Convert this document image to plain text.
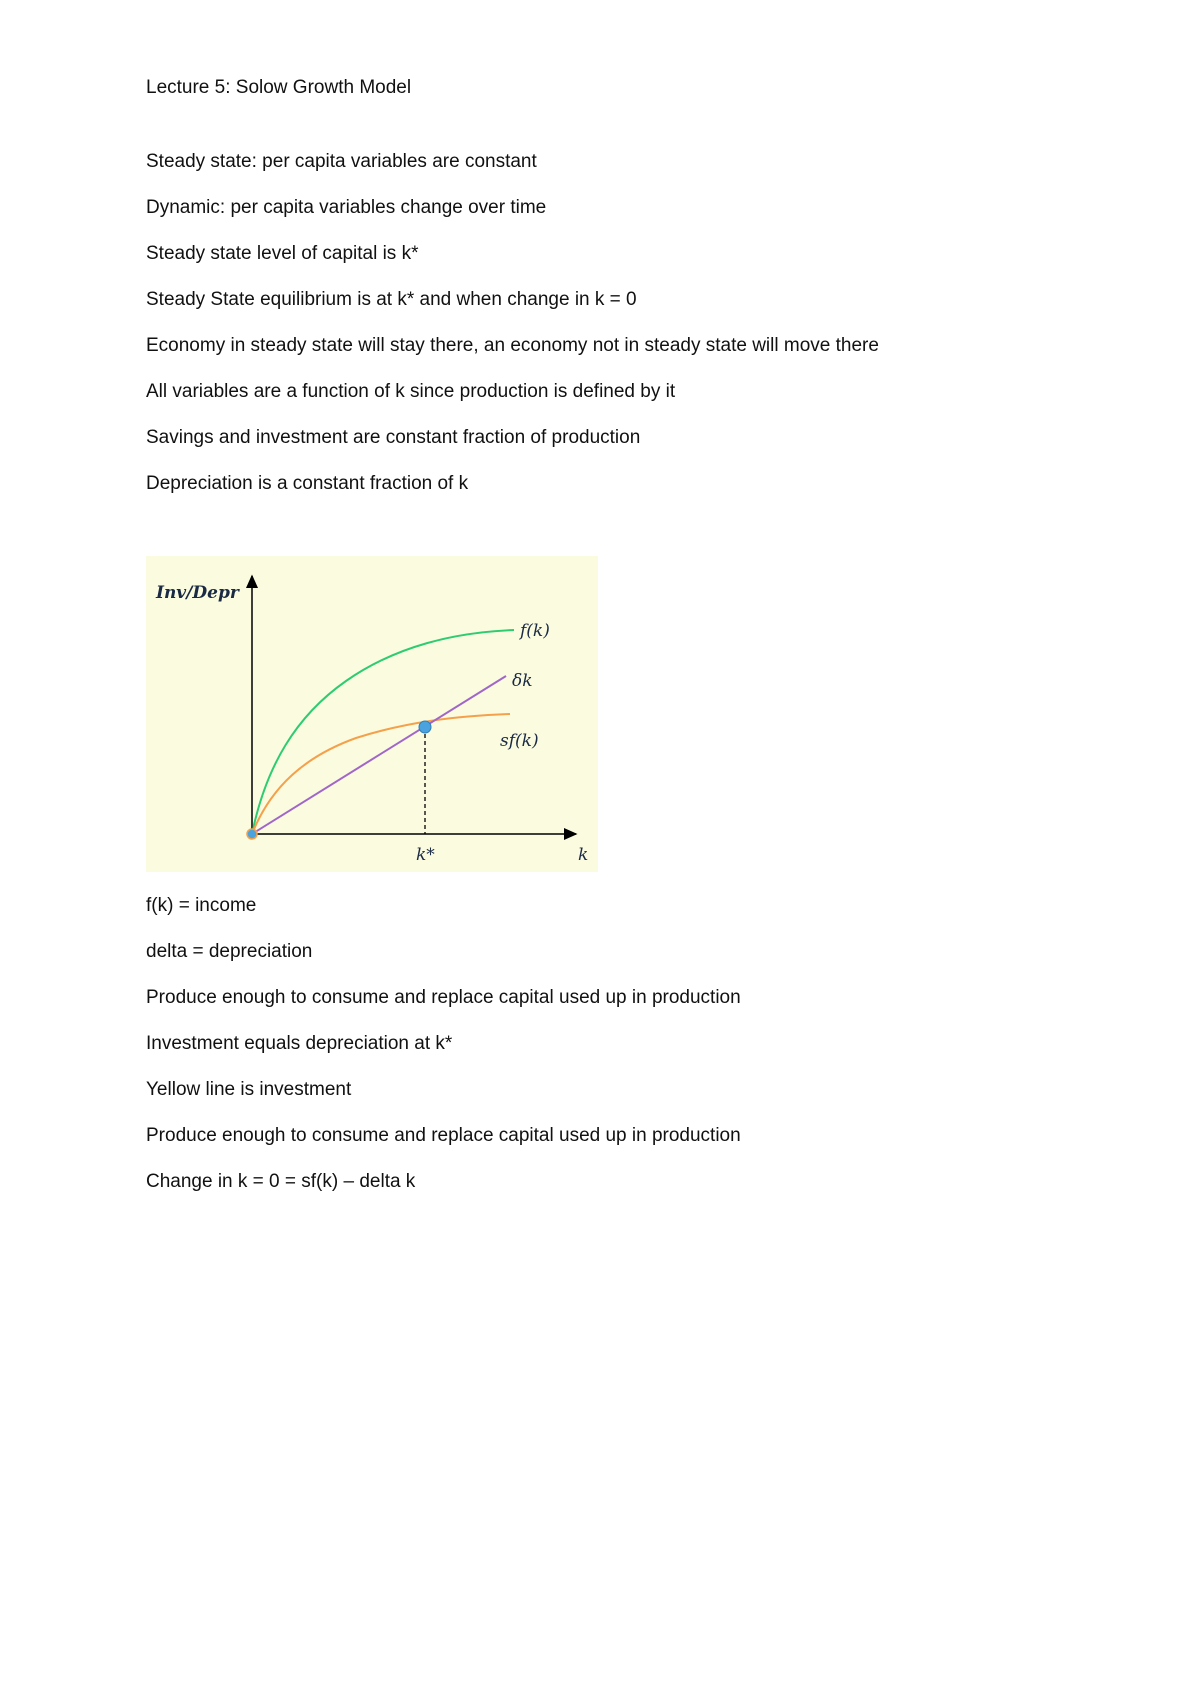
Lecture 5: Solow Growth Model
Steady state: per capita variables are constant
Dynamic: per capita variables change over time
Steady state level of capital is k*
Steady State equilibrium is at k* and when change in k = 0
Economy in steady state will stay there, an economy not in steady state will move there
All variables are a function of k since production is defined by it
Savings and investment are constant fraction of production
Depreciation is a constant fraction of k
Inv/Depr
k
f(k)
δk
sf(k)
k*
f(k) = income
delta = depreciation
Produce enough to consume and replace capital used up in production
Investment equals depreciation at k*
Yellow line is investment
Produce enough to consume and replace capital used up in production
Change in k = 0 = sf(k) – delta k
